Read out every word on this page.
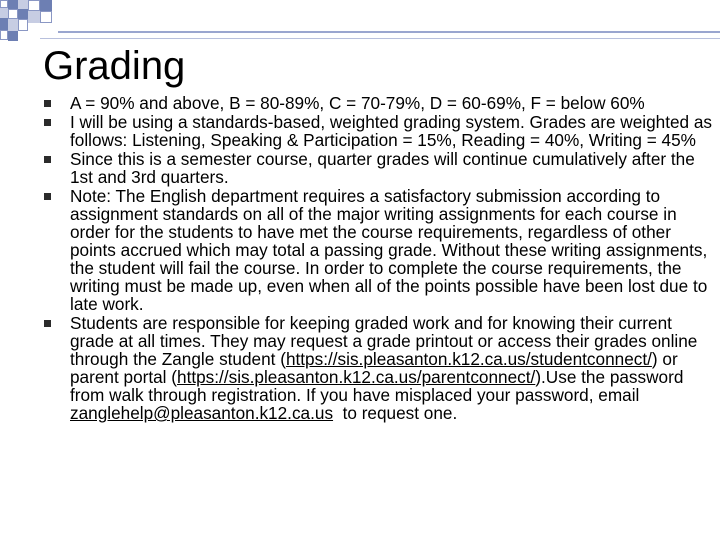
Grading
A = 90% and above, B = 80-89%, C = 70-79%, D = 60-69%, F = below 60%
I will be using a standards-based, weighted grading system. Grades are weighted as follows: Listening, Speaking & Participation = 15%, Reading = 40%, Writing = 45%
Since this is a semester course, quarter grades will continue cumulatively after the 1st and 3rd quarters.
Note: The English department requires a satisfactory submission according to assignment standards on all of the major writing assignments for each course in order for the students to have met the course requirements, regardless of other points accrued which may total a passing grade. Without these writing assignments, the student will fail the course. In order to complete the course requirements, the writing must be made up, even when all of the points possible have been lost due to late work.
Students are responsible for keeping graded work and for knowing their current grade at all times. They may request a grade printout or access their grades online through the Zangle student (https://sis.pleasanton.k12.ca.us/studentconnect/) or parent portal (https://sis.pleasanton.k12.ca.us/parentconnect/).Use the password from walk through registration. If you have misplaced your password, email zanglehelp@pleasanton.k12.ca.us  to request one.
